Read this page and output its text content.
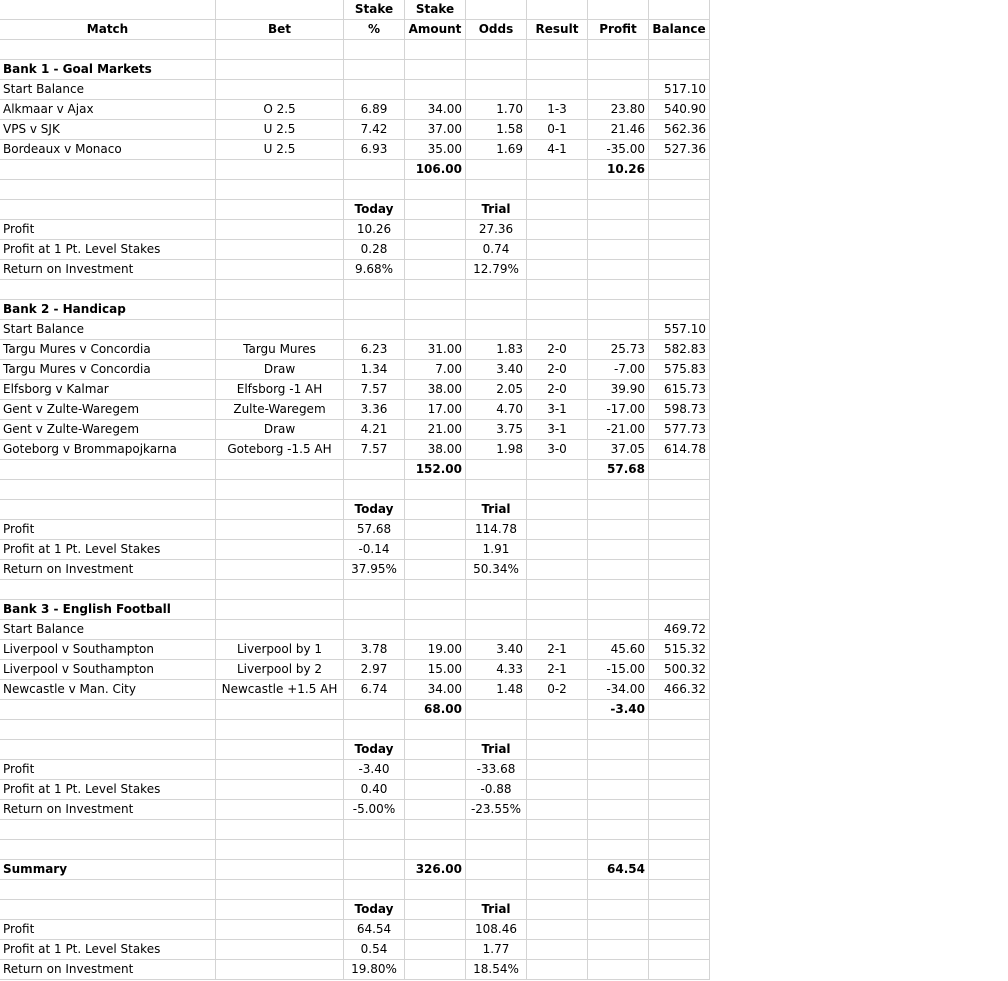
		Stake	Stake				
Match	Bet	%	Amount	Odds	Result	Profit	Balance

Bank 1 - Goal Markets							
Start Balance							517.10
Alkmaar v Ajax	O 2.5	6.89	34.00	1.70	1-3	23.80	540.90
VPS v SJK	U 2.5	7.42	37.00	1.58	0-1	21.46	562.36
Bordeaux v Monaco	U 2.5	6.93	35.00	1.69	4-1	-35.00	527.36
			106.00			10.26	

		Today		Trial			
Profit		10.26		27.36			
Profit at 1 Pt. Level Stakes		0.28		0.74			
Return on Investment		9.68%		12.79%			

Bank 2 - Handicap							
Start Balance							557.10
Targu Mures v Concordia	Targu Mures	6.23	31.00	1.83	2-0	25.73	582.83
Targu Mures v Concordia	Draw	1.34	7.00	3.40	2-0	-7.00	575.83
Elfsborg v Kalmar	Elfsborg -1 AH	7.57	38.00	2.05	2-0	39.90	615.73
Gent v Zulte-Waregem	Zulte-Waregem	3.36	17.00	4.70	3-1	-17.00	598.73
Gent v Zulte-Waregem	Draw	4.21	21.00	3.75	3-1	-21.00	577.73
Goteborg v Brommapojkarna	Goteborg -1.5 AH	7.57	38.00	1.98	3-0	37.05	614.78
			152.00			57.68	

		Today		Trial			
Profit		57.68		114.78			
Profit at 1 Pt. Level Stakes		-0.14		1.91			
Return on Investment		37.95%		50.34%			

Bank 3 - English Football							
Start Balance							469.72
Liverpool v Southampton	Liverpool by 1	3.78	19.00	3.40	2-1	45.60	515.32
Liverpool v Southampton	Liverpool by 2	2.97	15.00	4.33	2-1	-15.00	500.32
Newcastle v Man. City	Newcastle +1.5 AH	6.74	34.00	1.48	0-2	-34.00	466.32
			68.00			-3.40	

		Today		Trial			
Profit		-3.40		-33.68			
Profit at 1 Pt. Level Stakes		0.40		-0.88			
Return on Investment		-5.00%		-23.55%			

Summary			326.00			64.54	

		Today		Trial			
Profit		64.54		108.46			
Profit at 1 Pt. Level Stakes		0.54		1.77			
Return on Investment		19.80%		18.54%			
